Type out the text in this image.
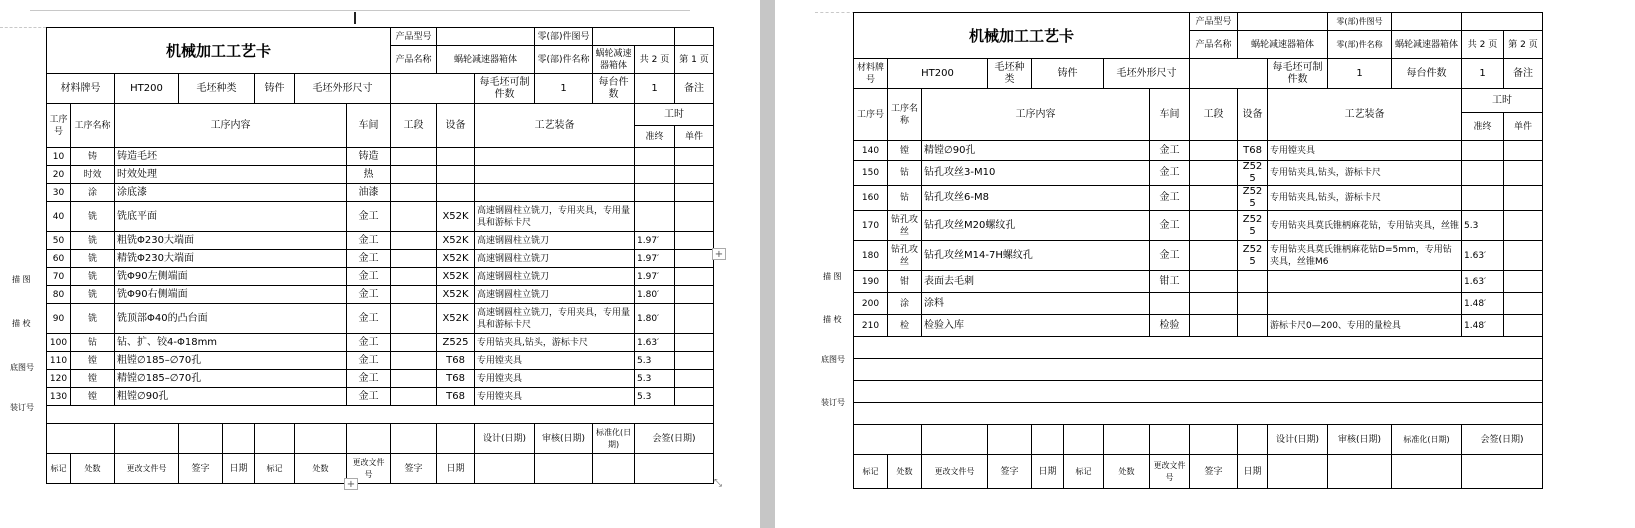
描 图
描 校
底图号
装订号
机械加工工艺卡								产品型号			零(部)件图号			
								产品名称	蜗轮减速器箱体		零(部)件名称	蜗轮减速器箱体	共 2 页	第 1 页
材料牌号		HT200	毛坯种类		铸件	毛坯外形尺寸				每毛坯可制件数	1	每台件数	1	备注
工序号	工序名称	工序内容					车间	工段	设备	工艺装备			工时	
													准终	单件
10	铸	铸造毛坯					铸造							
20	时效	时效处理					热							
30	涂	涂底漆					油漆							
40	铣	铣底平面					金工		X52K	高速钢圆柱立铣刀，专用夹具，专用量具和游标卡尺				
50	铣	粗铣Φ230大端面					金工		X52K	高速钢圆柱立铣刀			1.97′	
60	铣	精铣Φ230大端面					金工		X52K	高速钢圆柱立铣刀			1.97′	
70	铣	铣Φ90左侧端面					金工		X52K	高速钢圆柱立铣刀			1.97′	
80	铣	铣Φ90右侧端面					金工		X52K	高速钢圆柱立铣刀			1.80′	
90	铣	铣顶部Φ40的凸台面					金工		X52K	高速钢圆柱立铣刀，专用夹具，专用量具和游标卡尺			1.80′	
100	钻	钻、扩、铰4-Φ18mm					金工		Z525	专用钻夹具,钻头，游标卡尺			1.63′	
110	镗	粗镗∅185–∅70孔					金工		T68	专用镗夹具			5.3	
120	镗	精镗∅185–∅70孔					金工		T68	专用镗夹具			5.3	
130	镗	粗镗∅90孔					金工		T68	专用镗夹具			5.3	

										设计(日期)	审核(日期)	标准化(日期)	会签(日期)	
标记	处数	更改文件号	签字	日期	标记	处数	更改文件号	签字	日期					
+
+
⤡
描 图
描 校
底图号
装订号
机械加工工艺卡								产品型号			零(部)件图号			
								产品名称	蜗轮减速器箱体		零(部)件名称	蜗轮减速器箱体	共 2 页	第 2 页
材料牌号	HT200		毛坯种类	铸件		毛坯外形尺寸				每毛坯可制件数	1	每台件数	1	备注
工序号	工序名称	工序内容					车间	工段	设备	工艺装备			工时	
													准终	单件
140	镗	精镗∅90孔					金工		T68	专用镗夹具				
150	钻	钻孔攻丝3-M10					金工		Z525	专用钻夹具,钻头，游标卡尺				
160	钻	钻孔攻丝6-M8					金工		Z525	专用钻夹具,钻头，游标卡尺				
170	钻孔攻丝	钻孔攻丝M20螺纹孔					金工		Z525	专用钻夹具莫氏锥柄麻花钻，专用钻夹具，丝锥			5.3	
180	钻孔攻丝	钻孔攻丝M14-7H螺纹孔					金工		Z525	专用钻夹具莫氏锥柄麻花钻D=5mm，专用钻夹具，丝锥M6			1.63′	
190	钳	表面去毛刺					钳工						1.63′	
200	涂	涂料											1.48′	
210	检	检验入库					检验			游标卡尺0—200、专用的量检具			1.48′	

										设计(日期)	审核(日期)	标准化(日期)	会签(日期)	
标记	处数	更改文件号	签字	日期	标记	处数	更改文件号	签字	日期					
